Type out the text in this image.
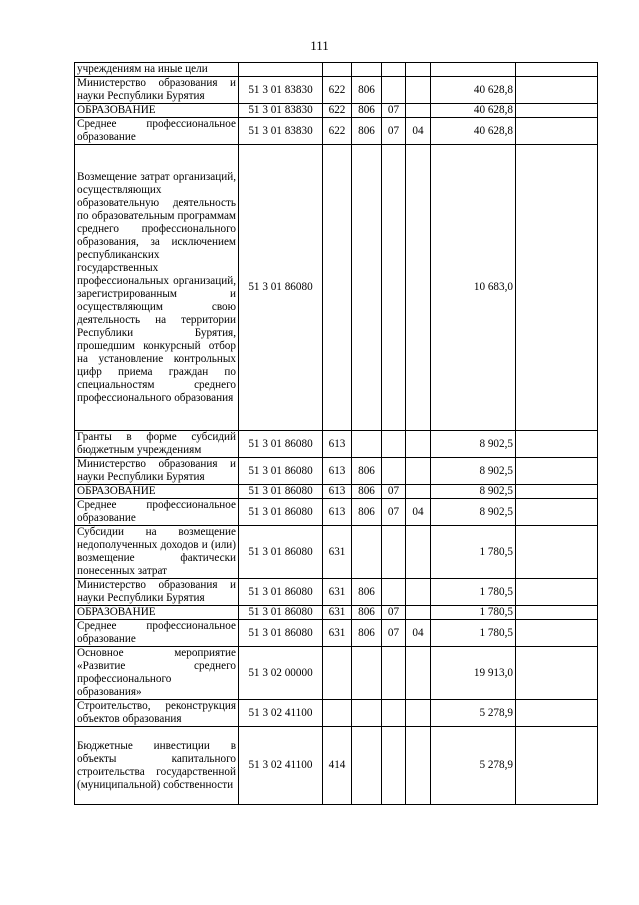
111
учреждениям на иные цели							
Министерство образования и науки Республики Бурятия	51 3 01 83830	622	806			40 628,8	
ОБРАЗОВАНИЕ	51 3 01 83830	622	806	07		40 628,8	
Среднее профессиональное образование	51 3 01 83830	622	806	07	04	40 628,8	
Возмещение затрат организаций, осуществляющих образовательную деятельность по образовательным программам среднего профессионального образования, за исключением республиканских государственных профессиональных организаций, зарегистрированным и осуществляющим свою деятельность на территории Республики Бурятия, прошедшим конкурсный отбор на установление контрольных цифр приема граждан по специальностям среднего профессионального образования	51 3 01 86080					10 683,0	
Гранты в форме субсидий бюджетным учреждениям	51 3 01 86080	613				8 902,5	
Министерство образования и науки Республики Бурятия	51 3 01 86080	613	806			8 902,5	
ОБРАЗОВАНИЕ	51 3 01 86080	613	806	07		8 902,5	
Среднее профессиональное образование	51 3 01 86080	613	806	07	04	8 902,5	
Субсидии на возмещение недополученных доходов и (или) возмещение фактически понесенных затрат	51 3 01 86080	631				1 780,5	
Министерство образования и науки Республики Бурятия	51 3 01 86080	631	806			1 780,5	
ОБРАЗОВАНИЕ	51 3 01 86080	631	806	07		1 780,5	
Среднее профессиональное образование	51 3 01 86080	631	806	07	04	1 780,5	
Основное мероприятие «Развитие среднего профессионального образования»	51 3 02 00000					19 913,0	
Строительство, реконструкция объектов образования	51 3 02 41100					5 278,9	
Бюджетные инвестиции в объекты капитального строительства государственной (муниципальной) собственности	51 3 02 41100	414				5 278,9	
